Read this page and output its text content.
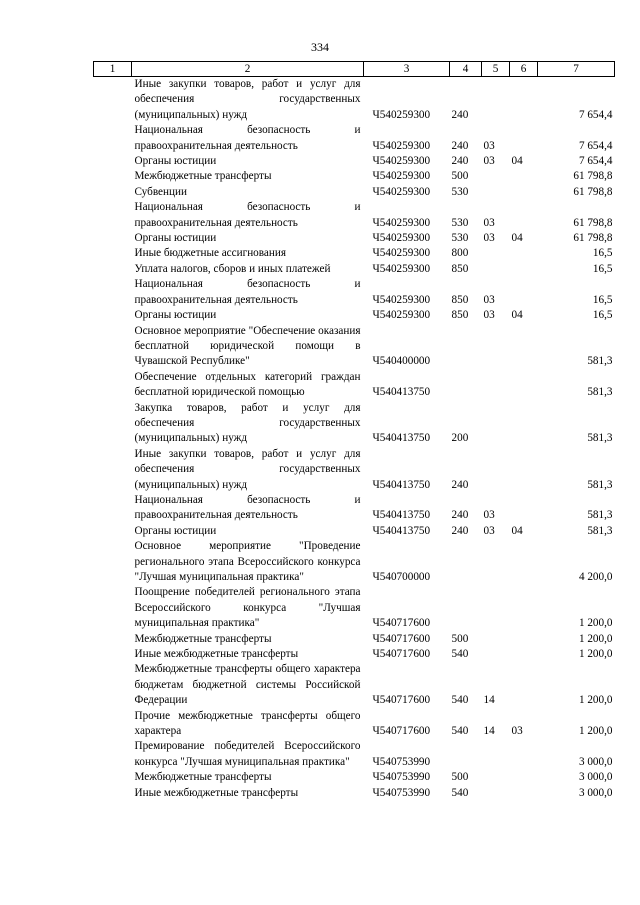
334
1	2	3	4	5	6	7
	Иные закупки товаров, работ и услуг для обеспечения государственных (муниципальных) нужд	Ч540259300	240			7 654,4
	Национальная безопасность и правоохранительная деятельность	Ч540259300	240	03		7 654,4
	Органы юстиции	Ч540259300	240	03	04	7 654,4
	Межбюджетные трансферты	Ч540259300	500			61 798,8
	Субвенции	Ч540259300	530			61 798,8
	Национальная безопасность и правоохранительная деятельность	Ч540259300	530	03		61 798,8
	Органы юстиции	Ч540259300	530	03	04	61 798,8
	Иные бюджетные ассигнования	Ч540259300	800			16,5
	Уплата налогов, сборов и иных платежей	Ч540259300	850			16,5
	Национальная безопасность и правоохранительная деятельность	Ч540259300	850	03		16,5
	Органы юстиции	Ч540259300	850	03	04	16,5
	Основное мероприятие "Обеспечение оказания бесплатной юридической помощи в Чувашской Республике"	Ч540400000				581,3
	Обеспечение отдельных категорий граждан бесплатной юридической помощью	Ч540413750				581,3
	Закупка товаров, работ и услуг для обеспечения государственных (муниципальных) нужд	Ч540413750	200			581,3
	Иные закупки товаров, работ и услуг для обеспечения государственных (муниципальных) нужд	Ч540413750	240			581,3
	Национальная безопасность и правоохранительная деятельность	Ч540413750	240	03		581,3
	Органы юстиции	Ч540413750	240	03	04	581,3
	Основное мероприятие "Проведение регионального этапа Всероссийского конкурса "Лучшая муниципальная практика"	Ч540700000				4 200,0
	Поощрение победителей регионального этапа Всероссийского конкурса "Лучшая муниципальная практика"	Ч540717600				1 200,0
	Межбюджетные трансферты	Ч540717600	500			1 200,0
	Иные межбюджетные трансферты	Ч540717600	540			1 200,0
	Межбюджетные трансферты общего характера бюджетам бюджетной системы Российской Федерации	Ч540717600	540	14		1 200,0
	Прочие межбюджетные трансферты общего характера	Ч540717600	540	14	03	1 200,0
	Премирование победителей Всероссийского конкурса "Лучшая муниципальная практика"	Ч540753990				3 000,0
	Межбюджетные трансферты	Ч540753990	500			3 000,0
	Иные межбюджетные трансферты	Ч540753990	540			3 000,0
